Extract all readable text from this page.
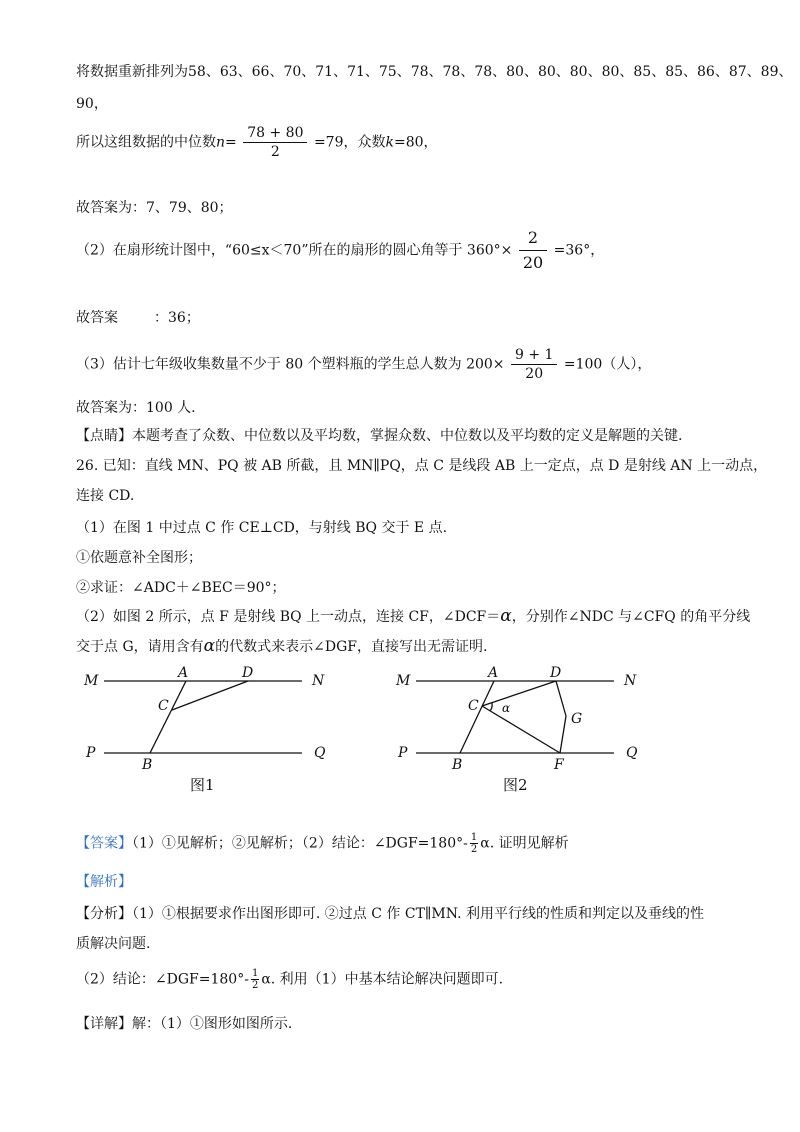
将数据重新排列为58、63、66、70、71、71、75、78、78、78、80、80、80、80、85、85、86、87、89、
90，
所以这组数据的中位数$n= \frac{78 + 80}{2} =79$，众数k=80，
故答案为：7、79、80；
（2）在扇形统计图中，“60≤x＜70”所在的扇形的圆心角等于 $360^\circ\times \frac{2}{20} =36^\circ$，
故答案	：36；
（3）估计七年级收集数量不少于 80 个塑料瓶的学生总人数为 $200\times \frac{9 + 1}{20} =100$（人），
故答案为：100 人.
【点睛】本题考查了众数、中位数以及平均数，掌握众数、中位数以及平均数的定义是解题的关键.
26. 已知：直线 MN、PQ 被 AB 所截，且 MN∥PQ，点 C 是线段 AB 上一定点，点 D 是射线 AN 上一动点，
连接 CD.
（1）在图 1 中过点 C 作 CE⊥CD，与射线 BQ 交于 E 点.
①依题意补全图形；
②求证：∠ADC＋∠BEC＝90°；
（2）如图 2 所示，点 F 是射线 BQ 上一动点，连接 CF，∠DCF＝α，分别作∠NDC 与∠CFQ 的角平分线
交于点 G，请用含有α的代数式来表示∠DGF，直接写出无需证明.
M	A	D	N
C
P
B
Q
图1
M	A	D	N
C α
G
P
B	F
Q
图2
【答案】（1）①见解析；②见解析；（2）结论：∠DGF=180°- $\frac{1}{2} \alpha$. 证明见解析
【解析】
【分析】（1）①根据要求作出图形即可. ②过点 C 作 CT∥MN. 利用平行线的性质和判定以及垂线的性
质解决问题.
（2）结论：∠DGF=180°- $\frac{1}{2} \alpha$. 利用（1）中基本结论解决问题即可.
【详解】解：（1）①图形如图所示.
